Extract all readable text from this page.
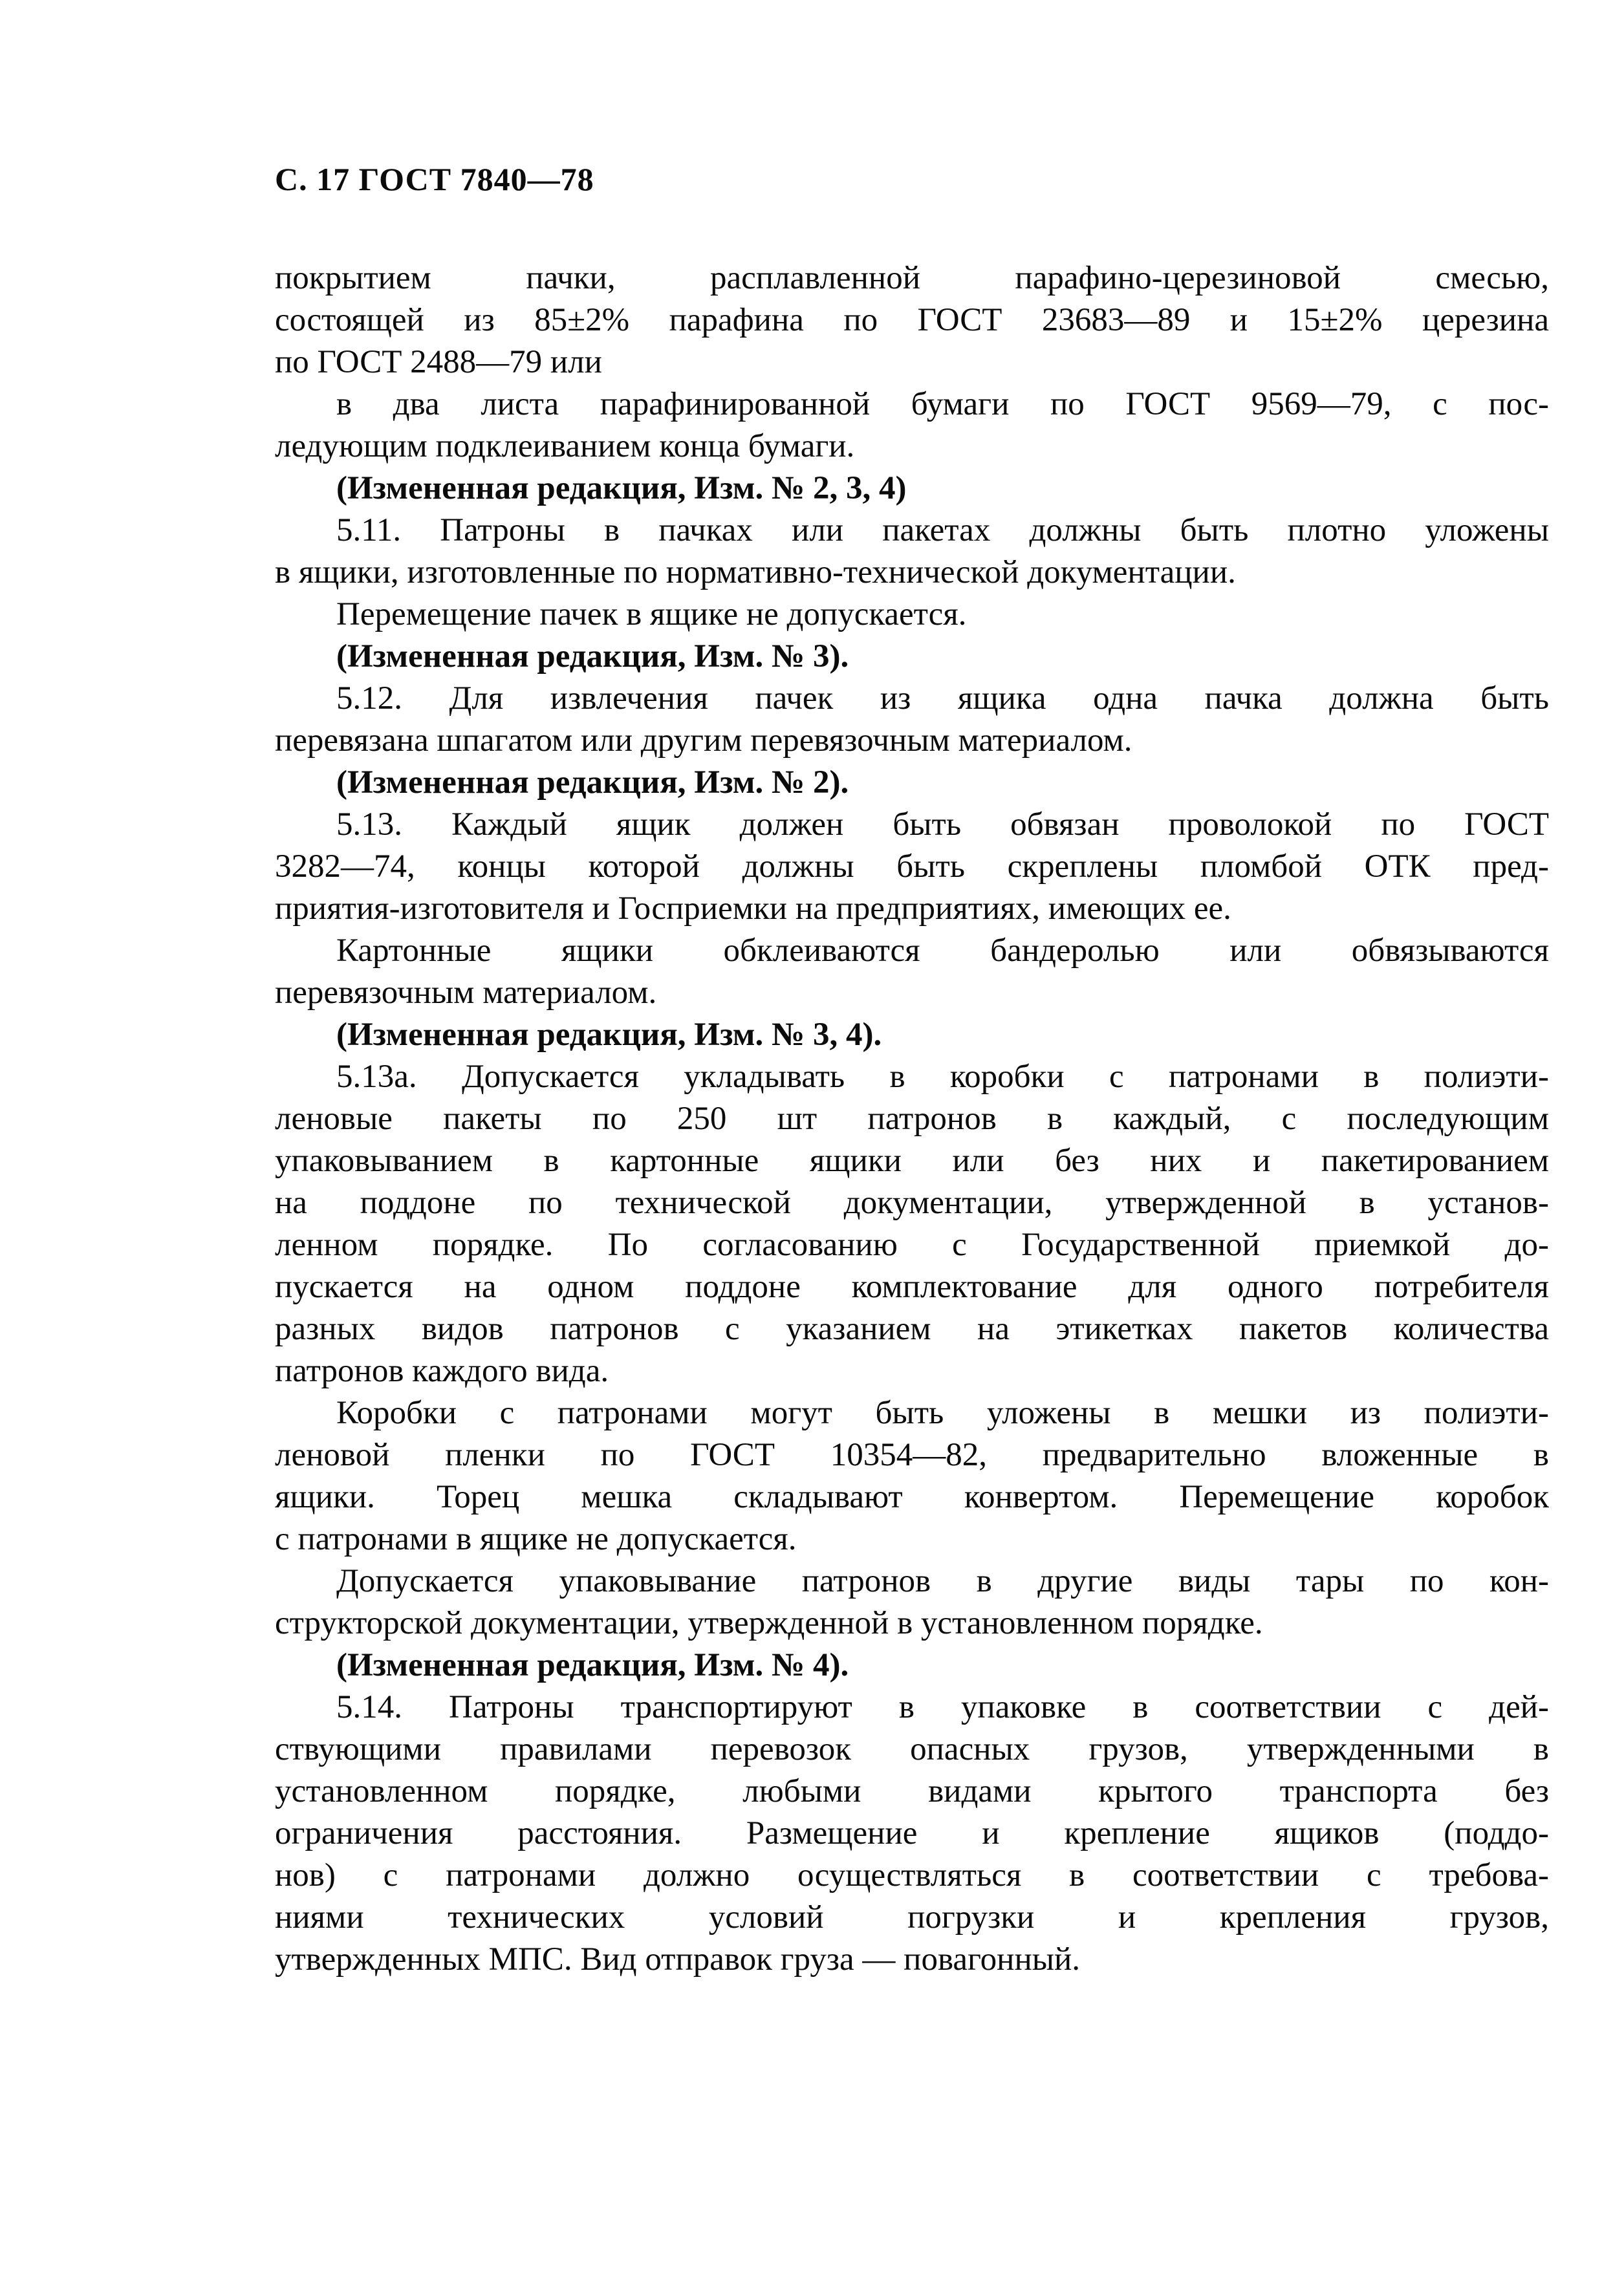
С. 17 ГОСТ 7840—78
покрытием пачки, расплавленной парафино-церезиновой смесью,
состоящей из 85±2% парафина по ГОСТ 23683—89 и 15±2% церезина
по ГОСТ 2488—79 или
в два листа парафинированной бумаги по ГОСТ 9569—79, с пос-
ледующим подклеиванием конца бумаги.
(Измененная редакция, Изм. № 2, 3, 4)
5.11. Патроны в пачках или пакетах должны быть плотно уложены
в ящики, изготовленные по нормативно-технической документации.
Перемещение пачек в ящике не допускается.
(Измененная редакция, Изм. № 3).
5.12. Для извлечения пачек из ящика одна пачка должна быть
перевязана шпагатом или другим перевязочным материалом.
(Измененная редакция, Изм. № 2).
5.13. Каждый ящик должен быть обвязан проволокой по ГОСТ
3282—74, концы которой должны быть скреплены пломбой ОТК пред-
приятия-изготовителя и Госприемки на предприятиях, имеющих ее.
Картонные ящики обклеиваются бандеролью или обвязываются
перевязочным материалом.
(Измененная редакция, Изм. № 3, 4).
5.13а. Допускается укладывать в коробки с патронами в полиэти-
леновые пакеты по 250 шт патронов в каждый, с последующим
упаковыванием в картонные ящики или без них и пакетированием
на поддоне по технической документации, утвержденной в установ-
ленном порядке. По согласованию с Государственной приемкой до-
пускается на одном поддоне комплектование для одного потребителя
разных видов патронов с указанием на этикетках пакетов количества
патронов каждого вида.
Коробки с патронами могут быть уложены в мешки из полиэти-
леновой пленки по ГОСТ 10354—82, предварительно вложенные в
ящики. Торец мешка складывают конвертом. Перемещение коробок
с патронами в ящике не допускается.
Допускается упаковывание патронов в другие виды тары по кон-
структорской документации, утвержденной в установленном порядке.
(Измененная редакция, Изм. № 4).
5.14. Патроны транспортируют в упаковке в соответствии с дей-
ствующими правилами перевозок опасных грузов, утвержденными в
установленном порядке, любыми видами крытого транспорта без
ограничения расстояния. Размещение и крепление ящиков (поддо-
нов) с патронами должно осуществляться в соответствии с требова-
ниями технических условий погрузки и крепления грузов,
утвержденных МПС. Вид отправок груза — повагонный.
